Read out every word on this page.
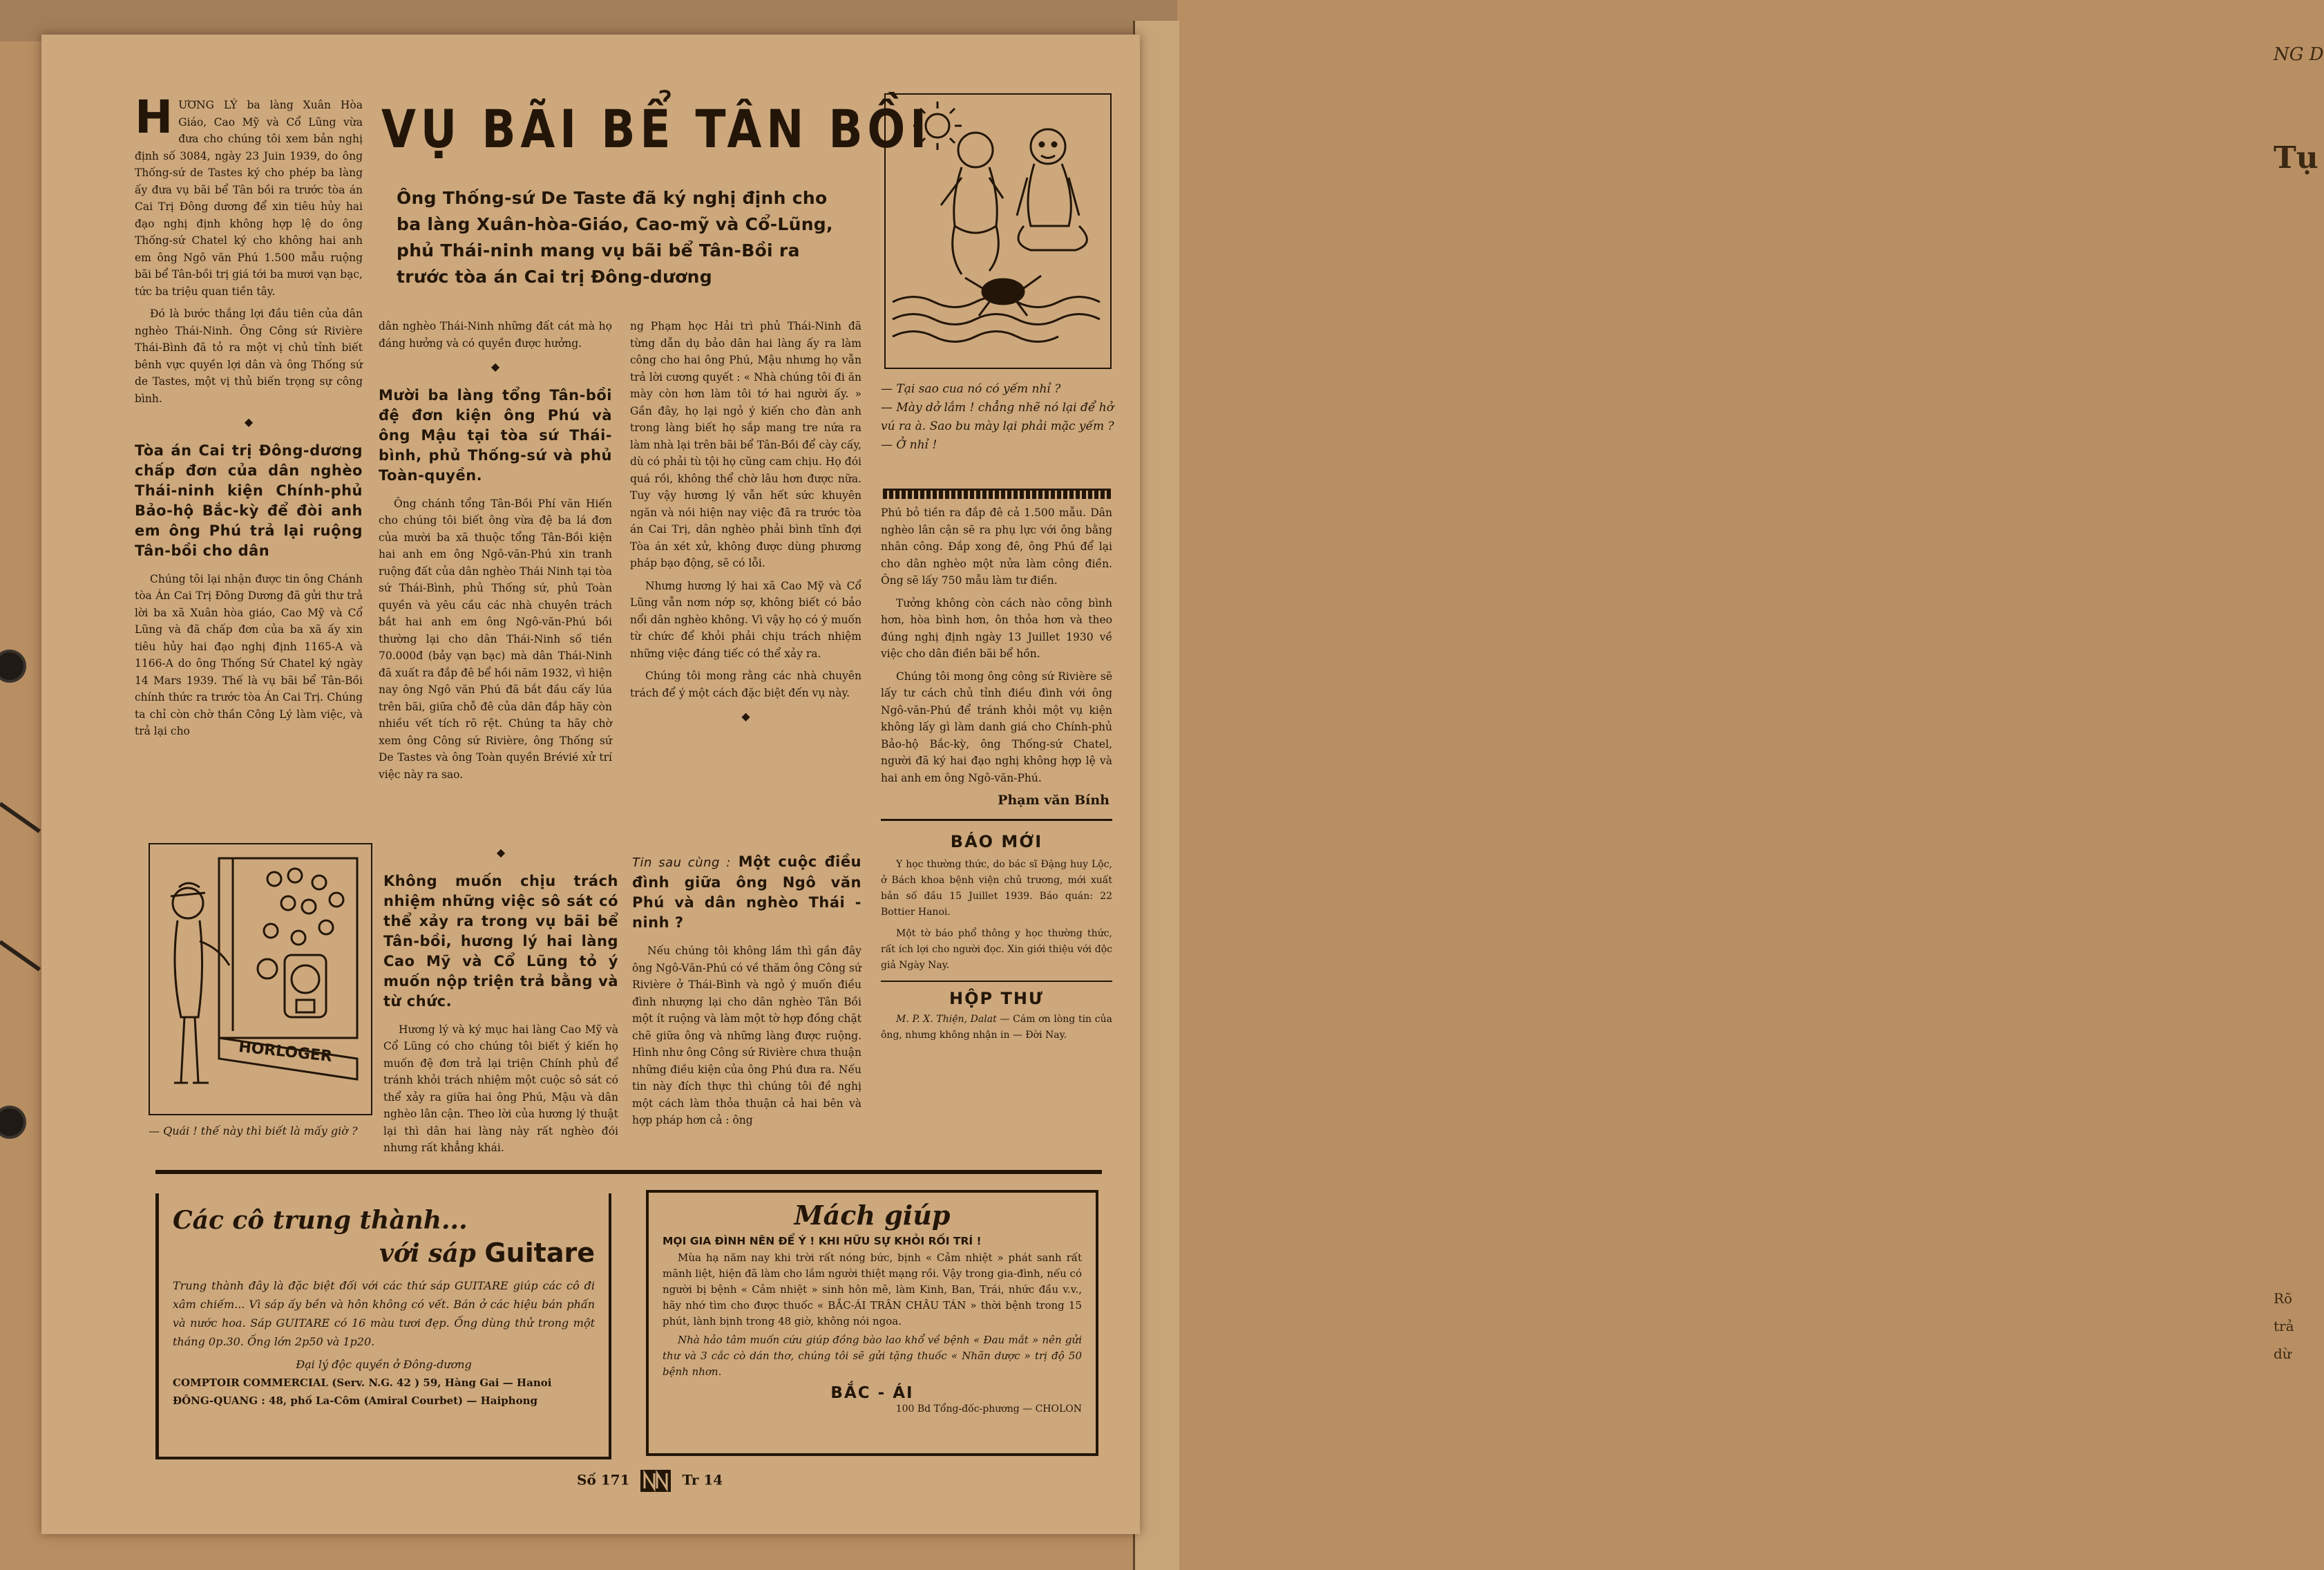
NG D
Tụ
Rõ
trả
dừ
VỤ BÃI BỂ TÂN BỒI
Ông Thống-sứ De Taste đã ký nghị định cho ba làng Xuân-hòa-Giáo, Cao-mỹ và Cổ-Lũng, phủ Thái-ninh mang vụ bãi bể Tân-Bồi ra trước tòa án Cai trị Đông-dương
H ƯƠNG LÝ ba làng Xuân Hòa Giáo, Cao Mỹ và Cổ Lũng vừa đưa cho chúng tôi xem bản nghị định số 3084, ngày 23 Juin 1939, do ông Thống-sứ de Tastes ký cho phép ba làng ấy đưa vụ bãi bể Tân bồi ra trước tòa án Cai Trị Đông dương để xin tiêu hủy hai đạo nghị định không hợp lệ do ông Thống-sứ Chatel ký cho không hai anh em ông Ngô văn Phú 1.500 mẫu ruộng bãi bể Tân-bồi trị giá tới ba mươi vạn bạc, tức ba triệu quan tiền tây.

Đó là bước thắng lợi đầu tiên của dân nghèo Thái-Ninh. Ông Công sứ Rivière Thái-Bình đã tỏ ra một vị chủ tỉnh biết bênh vực quyền lợi dân và ông Thống sứ de Tastes, một vị thủ biến trọng sự công bình.

◆
Tòa án Cai trị Đông-dương chấp đơn của dân nghèo Thái-ninh kiện Chính-phủ Bảo-hộ Bắc-kỳ để đòi anh em ông Phú trả lại ruộng Tân-bồi cho dân

Chúng tôi lại nhận được tin ông Chánh tòa Án Cai Trị Đông Dương đã gửi thư trả lời ba xã Xuân hòa giáo, Cao Mỹ và Cổ Lũng và đã chấp đơn của ba xã ấy xin tiêu hủy hai đạo nghị định 1165-A và 1166-A do ông Thống Sứ Chatel ký ngày 14 Mars 1939. Thế là vụ bãi bể Tân-Bồi chính thức ra trước tòa Án Cai Trị. Chúng ta chỉ còn chờ thần Công Lý làm việc, và trả lại cho

dân nghèo Thái-Ninh những đất cát mà họ đáng hưởng và có quyền được hưởng.

◆
Mười ba làng tổng Tân-bồi đệ đơn kiện ông Phú và ông Mậu tại tòa sứ Thái-bình, phủ Thống-sứ và phủ Toàn-quyền.

Ông chánh tổng Tân-Bồi Phí văn Hiến cho chúng tôi biết ông vừa đệ ba lá đơn của mười ba xã thuộc tổng Tân-Bồi kiện hai anh em ông Ngô-văn-Phú xin tranh ruộng đất của dân nghèo Thái Ninh tại tòa sứ Thái-Bình, phủ Thống sứ, phủ Toàn quyền và yêu cầu các nhà chuyên trách bắt hai anh em ông Ngô-văn-Phú bồi thường lại cho dân Thái-Ninh số tiền 70.000đ (bảy vạn bạc) mà dân Thái-Ninh đã xuất ra đắp đê bể hồi năm 1932, vì hiện nay ông Ngô văn Phú đã bắt đầu cấy lúa trên bãi, giữa chỗ đê của dân đắp hãy còn nhiều vết tích rõ rệt. Chúng ta hãy chờ xem ông Công sứ Rivière, ông Thống sứ De Tastes và ông Toàn quyền Brévié xử trí việc này ra sao.

ng Phạm học Hải trì phủ Thái-Ninh đã từng dẫn dụ bảo dân hai làng ấy ra làm công cho hai ông Phú, Mậu nhưng họ vẫn trả lời cương quyết : « Nhà chúng tôi đi ăn mày còn hơn làm tôi tớ hai người ấy. » Gần đây, họ lại ngỏ ý kiến cho đàn anh trong làng biết họ sắp mang tre nứa ra làm nhà lại trên bãi bể Tân-Bồi để cày cấy, dù có phải tù tội họ cũng cam chịu. Họ đói quá rồi, không thể chờ lâu hơn được nữa. Tuy vậy hương lý vẫn hết sức khuyên ngăn và nói hiện nay việc đã ra trước tòa án Cai Trị, dân nghèo phải bình tĩnh đợi Tòa án xét xử, không được dùng phương pháp bạo động, sẽ có lỗi.

Nhưng hương lý hai xã Cao Mỹ và Cổ Lũng vẫn nơm nớp sợ, không biết có bảo nổi dân nghèo không. Vì vậy họ có ý muốn từ chức để khỏi phải chịu trách nhiệm những việc đáng tiếc có thể xảy ra.

Chúng tôi mong rằng các nhà chuyên trách để ý một cách đặc biệt đến vụ này.

◆
◆
Không muốn chịu trách nhiệm những việc sô sát có thể xảy ra trong vụ bãi bể Tân-bồi, hương lý hai làng Cao Mỹ và Cổ Lũng tỏ ý muốn nộp triện trả bằng và từ chức.

Hương lý và ký mục hai làng Cao Mỹ và Cổ Lũng có cho chúng tôi biết ý kiến họ muốn đệ đơn trả lại triện Chính phủ để tránh khỏi trách nhiệm một cuộc sô sát có thể xảy ra giữa hai ông Phú, Mậu và dân nghèo lân cận. Theo lời của hương lý thuật lại thì dân hai làng này rất nghèo đói nhưng rất khẳng khái.

Tin sau cùng : Một cuộc điều đình giữa ông Ngô văn Phú và dân nghèo Thái - ninh ?

Nếu chúng tôi không lầm thì gần đây ông Ngô-Văn-Phú có về thăm ông Công sứ Rivière ở Thái-Bình và ngỏ ý muốn điều đình nhượng lại cho dân nghèo Tân Bồi một ít ruộng và làm một tờ hợp đồng chặt chẽ giữa ông và những làng được ruộng. Hình như ông Công sứ Rivière chưa thuận những điều kiện của ông Phú đưa ra. Nếu tin này đích thực thì chúng tôi đề nghị một cách làm thỏa thuận cả hai bên và hợp pháp hơn cả : ông

— Tại sao cua nó có yếm nhỉ ?
— Mày dở lắm ! chẳng nhẽ nó lại để hở vú ra à. Sao bu mày lại phải mặc yếm ?
— Ở nhỉ !

Phú bỏ tiền ra đắp đê cả 1.500 mẫu. Dân nghèo lân cận sẽ ra phụ lực với ông bằng nhân công. Đắp xong đê, ông Phú để lại cho dân nghèo một nửa làm công điền. Ông sẽ lấy 750 mẫu làm tư điền.

Tưởng không còn cách nào công bình hơn, hòa bình hơn, ôn thỏa hơn và theo đúng nghị định ngày 13 Juillet 1930 về việc cho dân điền bãi bể hồn.

Chúng tôi mong ông công sứ Rivière sẽ lấy tư cách chủ tỉnh điều đình với ông Ngô-văn-Phú để tránh khỏi một vụ kiện không lấy gì làm danh giá cho Chính-phủ Bảo-hộ Bắc-kỳ, ông Thống-sứ Chatel, người đã ký hai đạo nghị không hợp lệ và hai anh em ông Ngô-văn-Phú.

Phạm văn Bính
BÁO MỚI

Y học thường thức, do bác sĩ Đặng huy Lộc, ở Bách khoa bệnh viện chủ trương, mới xuất bản số đầu 15 Juillet 1939. Báo quán: 22 Bottier Hanoi.

Một tờ báo phổ thông y học thường thức, rất ích lợi cho người đọc. Xin giới thiệu với độc giả Ngày Nay.

HỘP THƯ

M. P. X. Thiện, Dalat — Cám ơn lòng tin của ông, nhưng không nhận in — Đời Nay.

HORLOGER
— Quái ! thế này thì biết là mấy giờ ?
Các cô trung thành...
với sáp Guitare
Trung thành đây là đặc biệt đối với các thứ sáp GUITARE giúp các cô đi xâm chiếm... Vì sáp ấy bền và hôn không có vết. Bán ở các hiệu bán phấn và nước hoa. Sáp GUITARE có 16 màu tươi đẹp. Ống dùng thử trong một tháng 0p.30. Ống lớn 2p50 và 1p20.
Đại lý độc quyền ở Đông-dương
COMPTOIR COMMERCIAL (Serv. N.G. 42 ) 59, Hàng Gai — Hanoi
ĐÔNG-QUANG : 48, phố La-Côm (Amiral Courbet) — Haiphong
Mách giúp
MỌI GIA ĐÌNH NÊN ĐỂ Ý ! KHI HỮU SỰ KHỎI RỐI TRÍ !
Mùa hạ năm nay khi trời rất nóng bức, bịnh « Cảm nhiệt » phát sanh rất mãnh liệt, hiện đã làm cho lắm người thiệt mạng rồi. Vậy trong gia-đình, nếu có người bị bệnh « Cảm nhiệt » sinh hôn mê, làm Kinh, Ban, Trái, nhức đầu v.v., hãy nhớ tìm cho được thuốc « BẮC-ÁI TRÂN CHÂU TÁN » thời bệnh trong 15 phút, lành bịnh trong 48 giờ, không nói ngoa.
Nhà hảo tâm muốn cứu giúp đồng bào lao khổ về bệnh « Đau mắt » nên gửi thư và 3 cắc cò dán thơ, chúng tôi sẽ gửi tặng thuốc « Nhãn dược » trị độ 50 bệnh nhơn.
BẮC - ÁI
100 Bd Tổng-đốc-phương — CHOLON
Số 171	Tr 14
